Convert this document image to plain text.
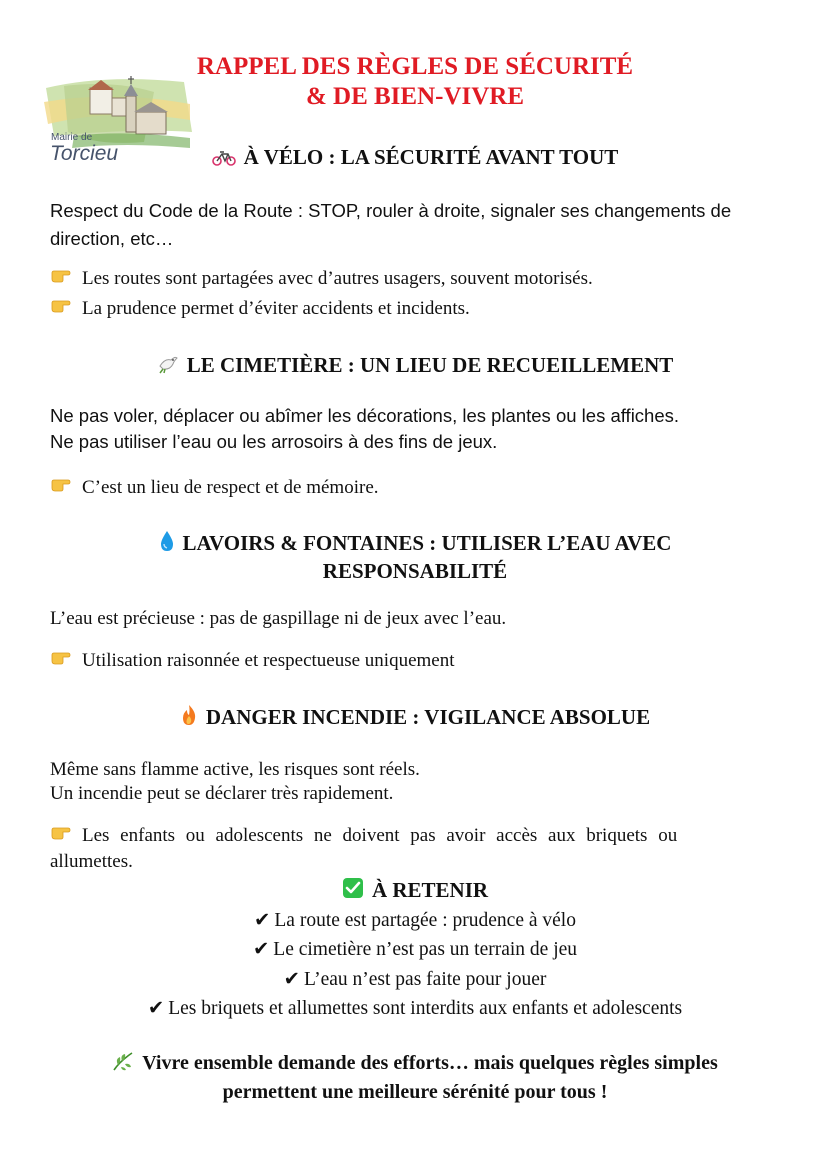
RAPPEL DES RÈGLES DE SÉCURITÉ
& DE BIEN-VIVRE
Mairie de
Torcieu	À VÉLO : LA SÉCURITÉ AVANT TOUT
Respect du Code de la Route : STOP, rouler à droite, signaler ses changements de
direction, etc…
Les routes sont partagées avec d’autres usagers, souvent motorisés.
La prudence permet d’éviter accidents et incidents.
LE CIMETIÈRE : UN LIEU DE RECUEILLEMENT
Ne pas voler, déplacer ou abîmer les décorations, les plantes ou les affiches.
Ne pas utiliser l’eau ou les arrosoirs à des fins de jeux.
C’est un lieu de respect et de mémoire.
LAVOIRS & FONTAINES : UTILISER L’EAU AVEC
RESPONSABILITÉ
L’eau est précieuse : pas de gaspillage ni de jeux avec l’eau.
Utilisation raisonnée et respectueuse uniquement
DANGER INCENDIE : VIGILANCE ABSOLUE
Même sans flamme active, les risques sont réels.
Un incendie peut se déclarer très rapidement.
Les enfants ou adolescents ne doivent pas avoir accès aux briquets ou
allumettes.
À RETENIR
✔ La route est partagée : prudence à vélo
✔ Le cimetière n’est pas un terrain de jeu
✔ L’eau n’est pas faite pour jouer
✔ Les briquets et allumettes sont interdits aux enfants et adolescents
Vivre ensemble demande des efforts… mais quelques règles simples
permettent une meilleure sérénité pour tous !
